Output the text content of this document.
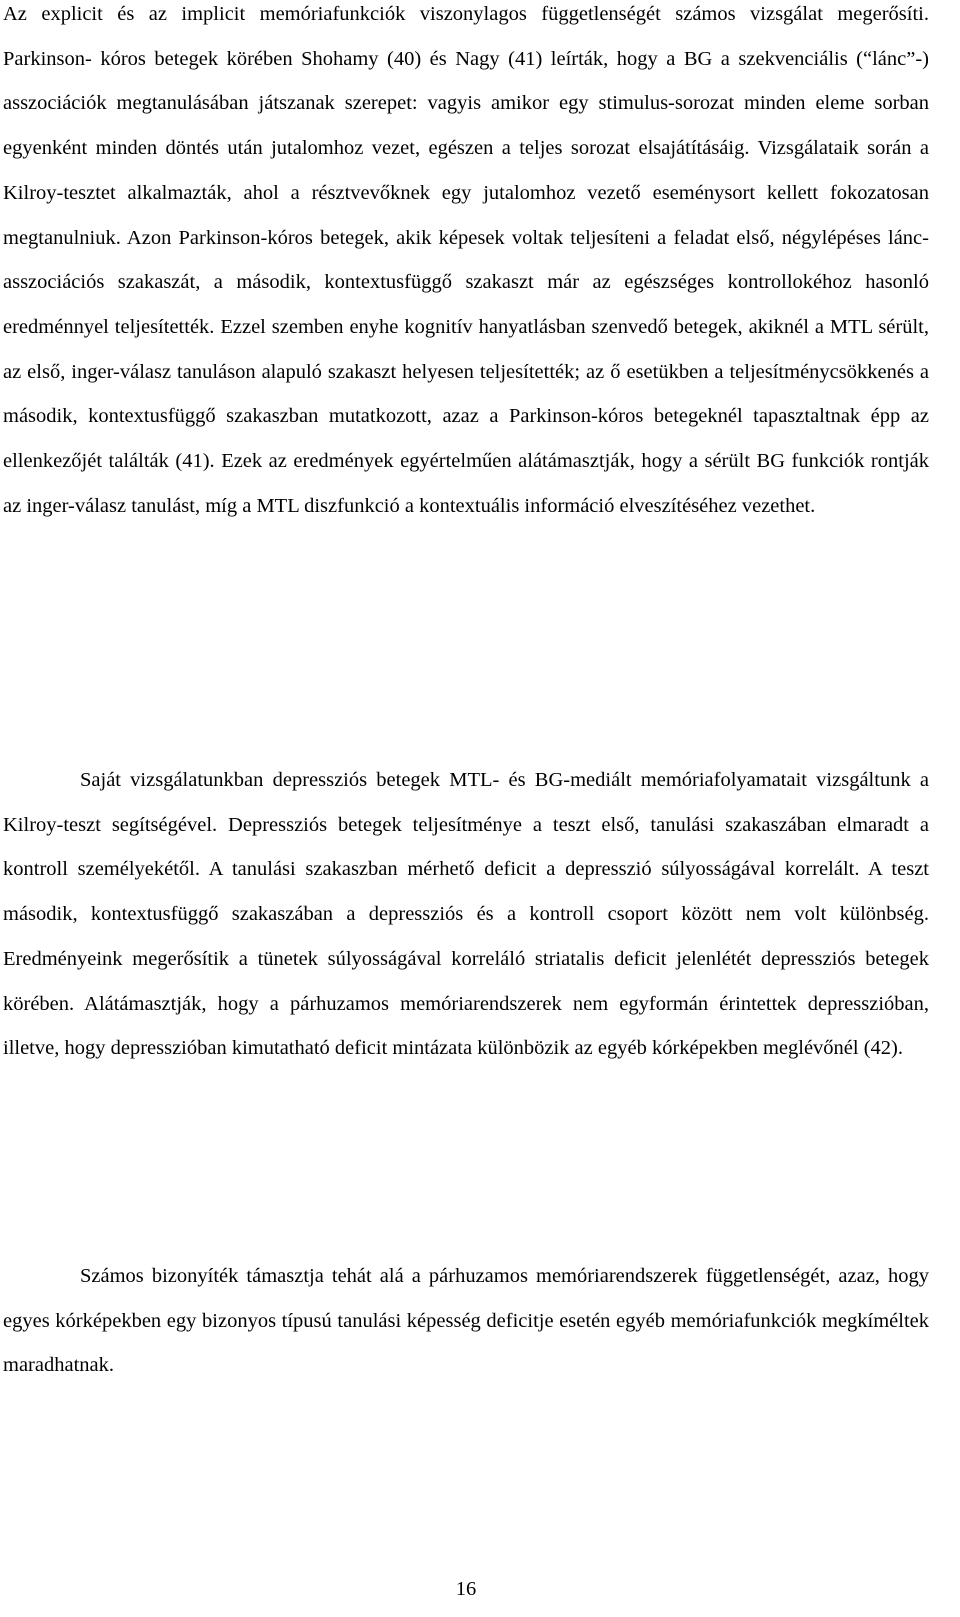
Az explicit és az implicit memóriafunkciók viszonylagos függetlenségét számos vizsgálat megerősíti. Parkinson- kóros betegek körében Shohamy (40) és Nagy (41) leírták, hogy a BG a szekvenciális (“lánc”-) asszociációk megtanulásában játszanak szerepet: vagyis amikor egy stimulus-sorozat minden eleme sorban egyenként minden döntés után jutalomhoz vezet, egészen a teljes sorozat elsajátításáig. Vizsgálataik során a Kilroy-tesztet alkalmazták, ahol a résztvevőknek egy jutalomhoz vezető eseménysort kellett fokozatosan megtanulniuk. Azon Parkinson-kóros betegek, akik képesek voltak teljesíteni a feladat első, négylépéses lánc-asszociációs szakaszát, a második, kontextusfüggő szakaszt már az egészséges kontrollokéhoz hasonló eredménnyel teljesítették. Ezzel szemben enyhe kognitív hanyatlásban szenvedő betegek, akiknél a MTL sérült, az első, inger-válasz tanuláson alapuló szakaszt helyesen teljesítették; az ő esetükben a teljesítménycsökkenés a második, kontextusfüggő szakaszban mutatkozott, azaz a Parkinson-kóros betegeknél tapasztaltnak épp az ellenkezőjét találták (41). Ezek az eredmények egyértelműen alátámasztják, hogy a sérült BG funkciók rontják az inger-válasz tanulást, míg a MTL diszfunkció a kontextuális információ elveszítéséhez vezethet.

Saját vizsgálatunkban depressziós betegek MTL- és BG-mediált memóriafolyamatait vizsgáltunk a Kilroy-teszt segítségével. Depressziós betegek teljesítménye a teszt első, tanulási szakaszában elmaradt a kontroll személyekétől. A tanulási szakaszban mérhető deficit a depresszió súlyosságával korrelált. A teszt második, kontextusfüggő szakaszában a depressziós és a kontroll csoport között nem volt különbség. Eredményeink megerősítik a tünetek súlyosságával korreláló striatalis deficit jelenlétét depressziós betegek körében. Alátámasztják, hogy a párhuzamos memóriarendszerek nem egyformán érintettek depresszióban, illetve, hogy depresszióban kimutatható deficit mintázata különbözik az egyéb kórképekben meglévőnél (42).

Számos bizonyíték támasztja tehát alá a párhuzamos memóriarendszerek függetlenségét, azaz, hogy egyes kórképekben egy bizonyos típusú tanulási képesség deficitje esetén egyéb memóriafunkciók megkíméltek maradhatnak.

16
